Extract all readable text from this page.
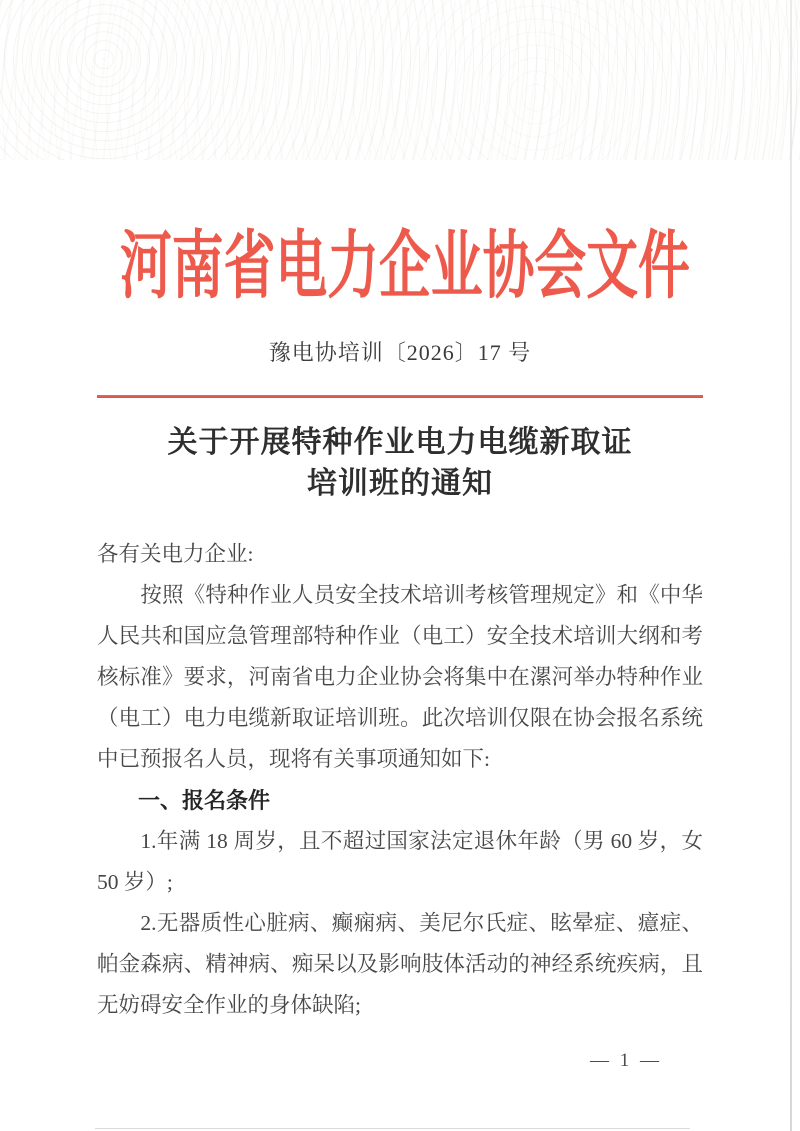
河南省电力企业协会文件
豫电协培训〔2026〕17 号
关于开展特种作业电力电缆新取证
培训班的通知
各有关电力企业:
按照《特种作业人员安全技术培训考核管理规定》和《中华
人民共和国应急管理部特种作业（电工）安全技术培训大纲和考
核标准》要求，河南省电力企业协会将集中在漯河举办特种作业
（电工）电力电缆新取证培训班。此次培训仅限在协会报名系统
中已预报名人员，现将有关事项通知如下:
一、报名条件
1.年满 18 周岁，且不超过国家法定退休年龄（男 60 岁，女
50 岁）;
2.无器质性心脏病、癫痫病、美尼尔氏症、眩晕症、癔症、
帕金森病、精神病、痴呆以及影响肢体活动的神经系统疾病，且
无妨碍安全作业的身体缺陷;
— 1 —
